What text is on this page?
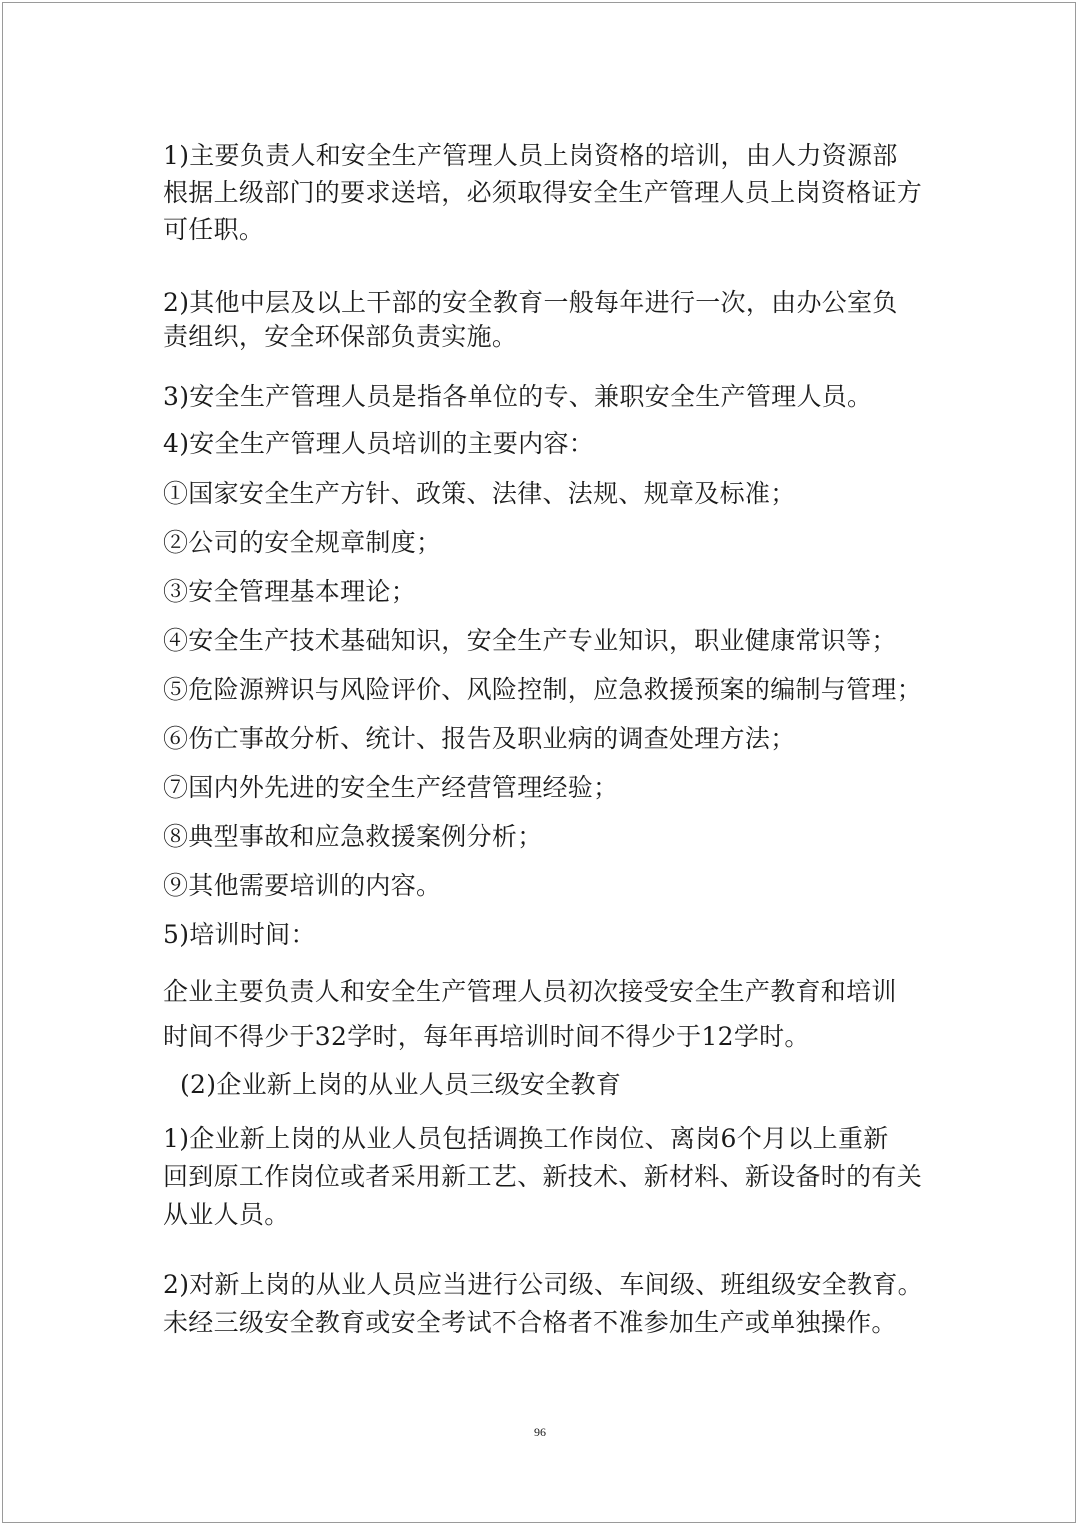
1)主要负责人和安全生产管理人员上岗资格的培训，由人力资源部
根据上级部门的要求送培，必须取得安全生产管理人员上岗资格证方
可任职。
2)其他中层及以上干部的安全教育一般每年进行一次，由办公室负
责组织，安全环保部负责实施。
3)安全生产管理人员是指各单位的专、兼职安全生产管理人员。
4)安全生产管理人员培训的主要内容：
①国家安全生产方针、政策、法律、法规、规章及标准；
②公司的安全规章制度；
③安全管理基本理论；
④安全生产技术基础知识，安全生产专业知识，职业健康常识等；
⑤危险源辨识与风险评价、风险控制，应急救援预案的编制与管理；
⑥伤亡事故分析、统计、报告及职业病的调查处理方法；
⑦国内外先进的安全生产经营管理经验；
⑧典型事故和应急救援案例分析；
⑨其他需要培训的内容。
5)培训时间：
企业主要负责人和安全生产管理人员初次接受安全生产教育和培训
时间不得少于32学时，每年再培训时间不得少于12学时。
(2)企业新上岗的从业人员三级安全教育
1)企业新上岗的从业人员包括调换工作岗位、离岗6个月以上重新
回到原工作岗位或者采用新工艺、新技术、新材料、新设备时的有关
从业人员。
2)对新上岗的从业人员应当进行公司级、车间级、班组级安全教育。
未经三级安全教育或安全考试不合格者不准参加生产或单独操作。
96
